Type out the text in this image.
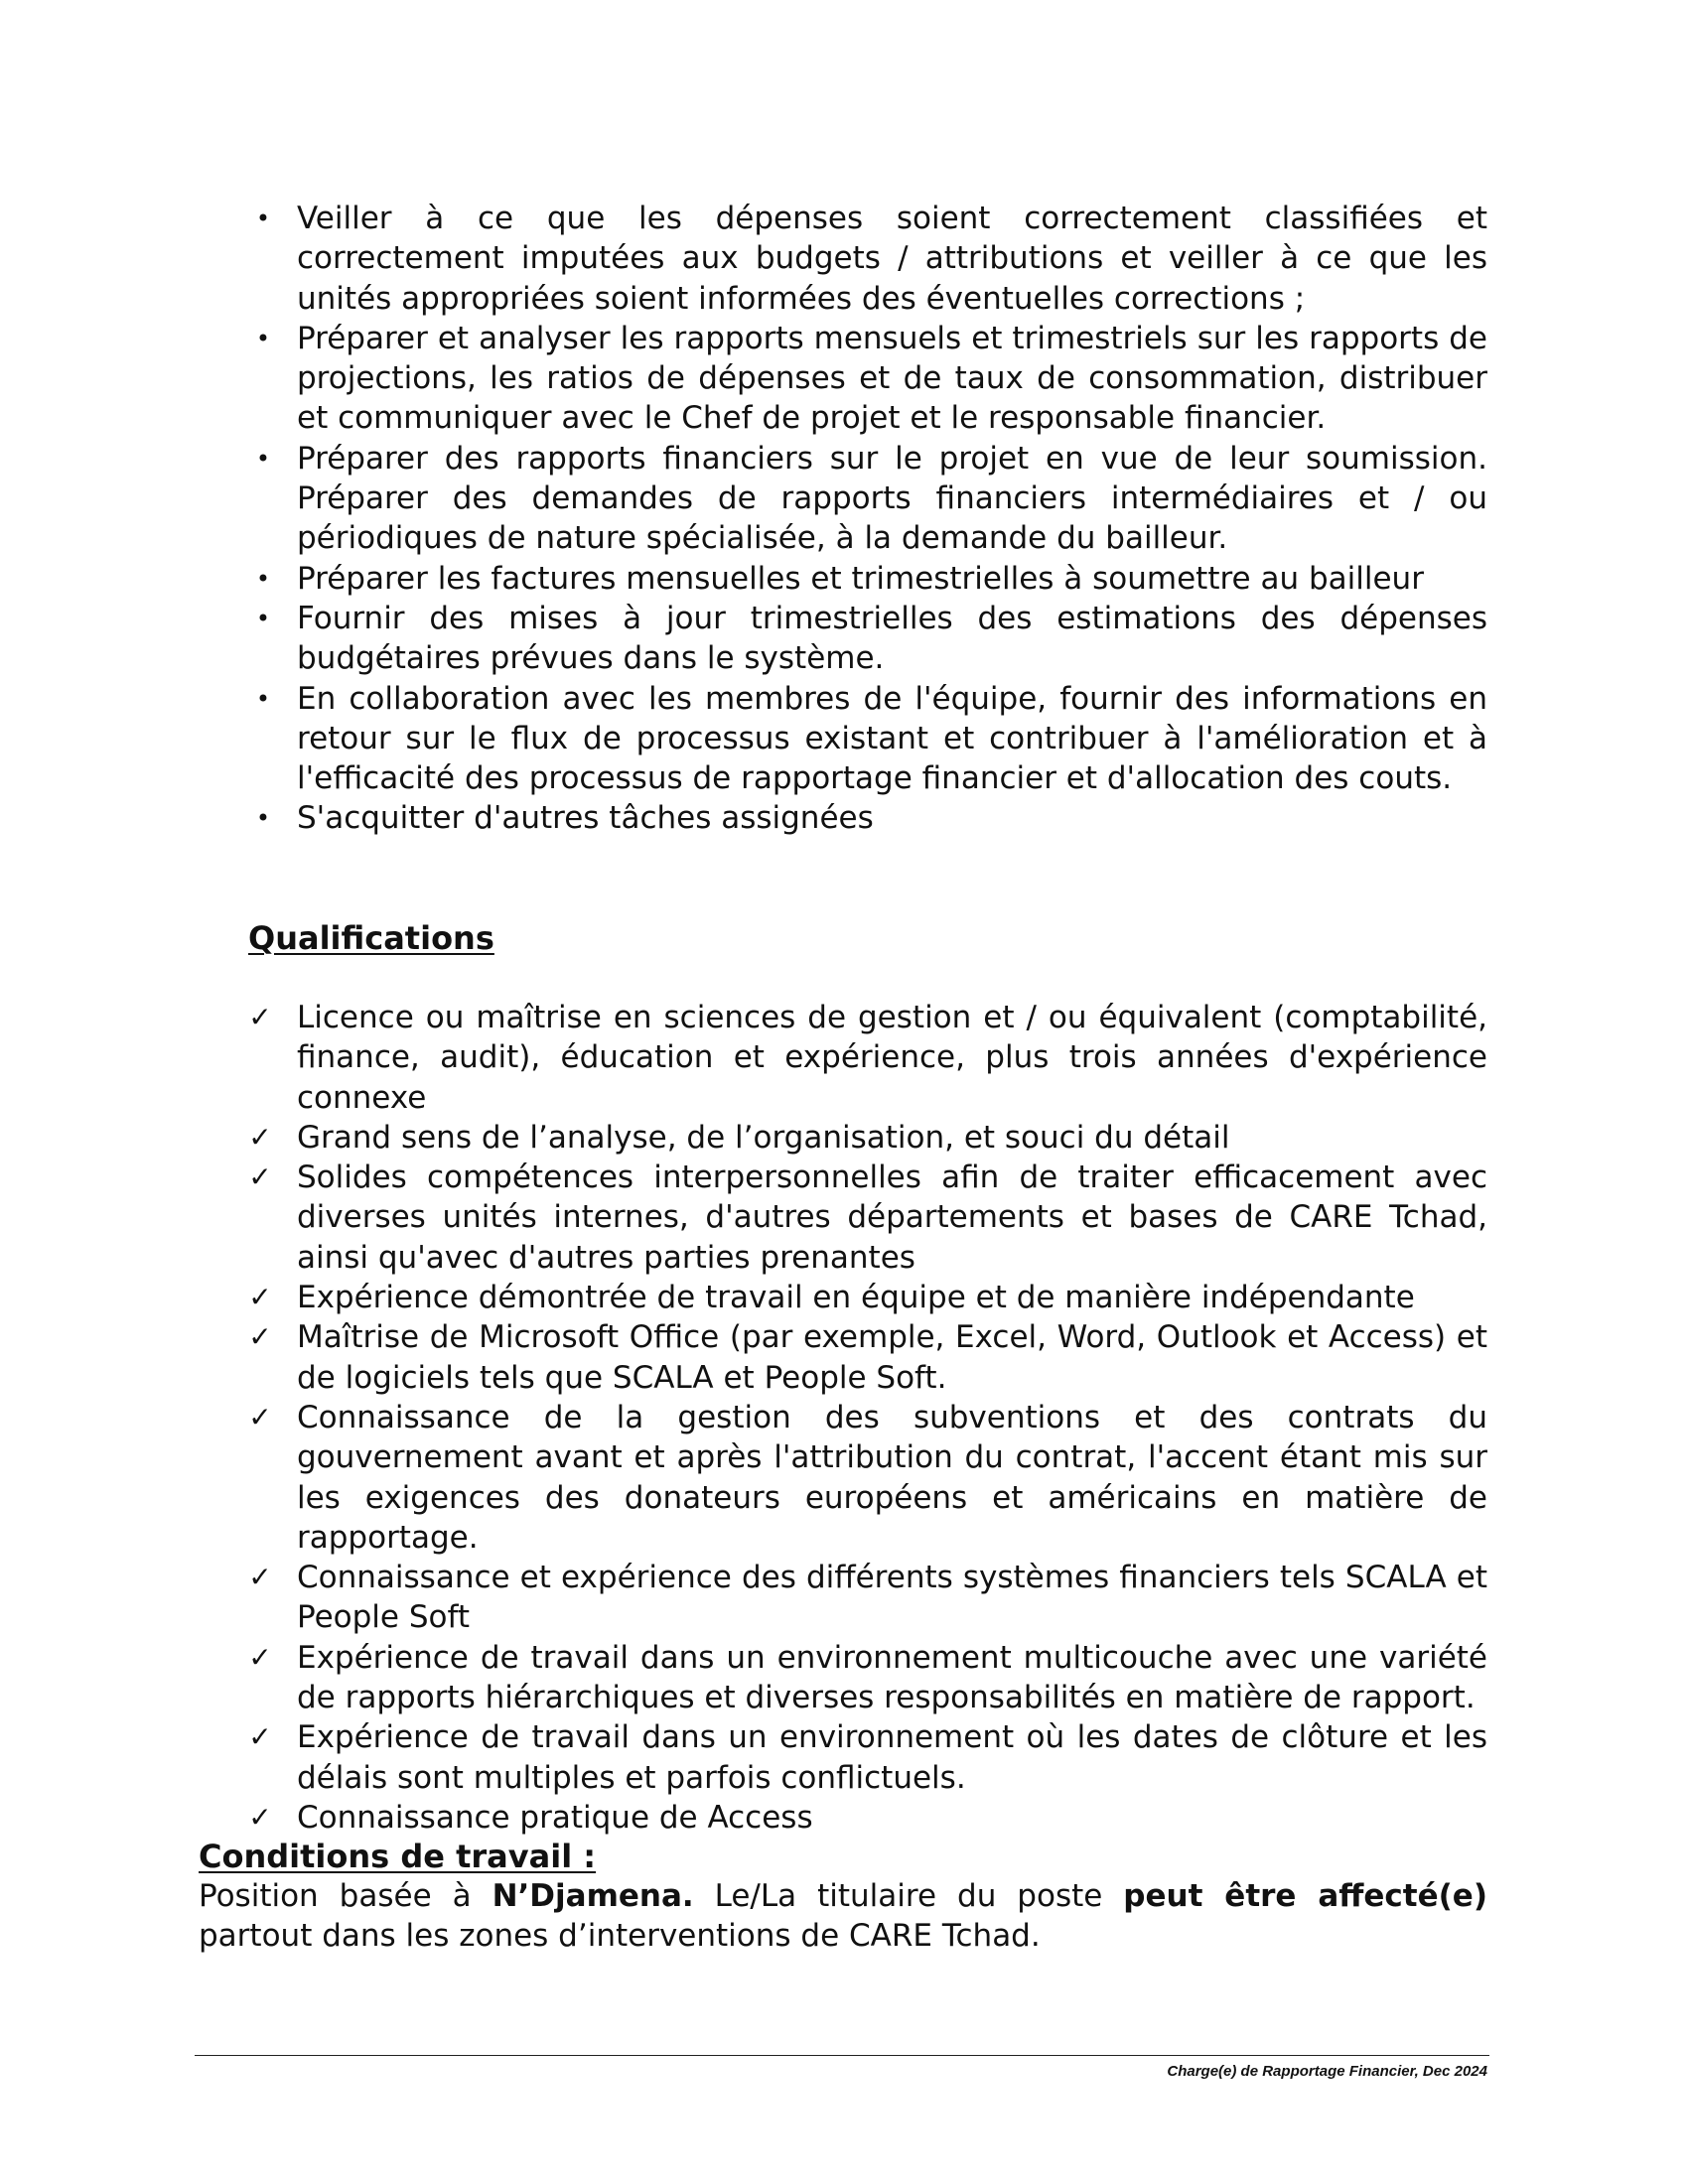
• Veiller à ce que les dépenses soient correctement classifiées et correctement imputées aux budgets / attributions et veiller à ce que les unités appropriées soient informées des éventuelles corrections ;
• Préparer et analyser les rapports mensuels et trimestriels sur les rapports de projections, les ratios de dépenses et de taux de consommation, distribuer et communiquer avec le Chef de projet et le responsable financier.
• Préparer des rapports financiers sur le projet en vue de leur soumission. Préparer des demandes de rapports financiers intermédiaires et / ou périodiques de nature spécialisée, à la demande du bailleur.
• Préparer les factures mensuelles et trimestrielles à soumettre au bailleur
• Fournir des mises à jour trimestrielles des estimations des dépenses budgétaires prévues dans le système.
• En collaboration avec les membres de l'équipe, fournir des informations en retour sur le flux de processus existant et contribuer à l'amélioration et à l'efficacité des processus de rapportage financier et d'allocation des couts.
• S'acquitter d'autres tâches assignées
Qualifications
✓ Licence ou maîtrise en sciences de gestion et / ou équivalent (comptabilité, finance, audit), éducation et expérience, plus trois années d'expérience connexe
✓ Grand sens de l’analyse, de l’organisation, et souci du détail
✓ Solides compétences interpersonnelles afin de traiter efficacement avec diverses unités internes, d'autres départements et bases de CARE Tchad, ainsi qu'avec d'autres parties prenantes
✓ Expérience démontrée de travail en équipe et de manière indépendante
✓ Maîtrise de Microsoft Office (par exemple, Excel, Word, Outlook et Access) et de logiciels tels que SCALA et People Soft.
✓ Connaissance de la gestion des subventions et des contrats du gouvernement avant et après l'attribution du contrat, l'accent étant mis sur les exigences des donateurs européens et américains en matière de rapportage.
✓ Connaissance et expérience des différents systèmes financiers tels SCALA et People Soft
✓ Expérience de travail dans un environnement multicouche avec une variété de rapports hiérarchiques et diverses responsabilités en matière de rapport.
✓ Expérience de travail dans un environnement où les dates de clôture et les délais sont multiples et parfois conflictuels.
✓ Connaissance pratique de Access
Conditions de travail :

Position basée à N’Djamena. Le/La titulaire du poste peut être affecté(e) partout dans les zones d’interventions de CARE Tchad.

Charge(e) de Rapportage Financier, Dec 2024
